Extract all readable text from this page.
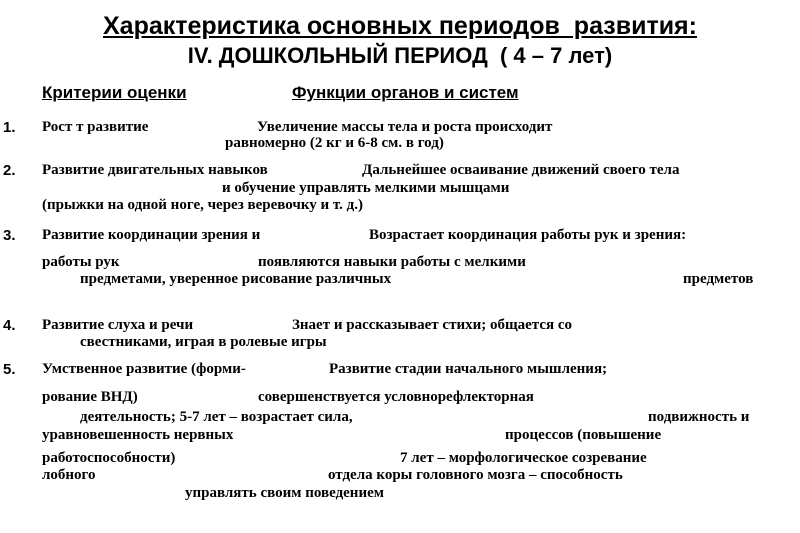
Характеристика основных периодов  развития:
IV. ДОШКОЛЬНЫЙ ПЕРИОД  ( 4 – 7 лет)
Критерии оценки	Функции органов и систем
1. Рост т развитие	Увеличение массы тела и роста происходит
равномерно (2 кг и 6-8 см. в год)
2. Развитие двигательных навыков	Дальнейшее осваивание движений своего тела
и обучение управлять мелкими мышцами
(прыжки на одной ноге, через веревочку и т. д.)
3. Развитие координации зрения и	Возрастает координация работы рук и зрения:
работы рук	появляются навыки работы с мелкими
предметами, уверенное рисование различных	предметов
4. Развитие слуха и речи	Знает и рассказывает стихи; общается со
свестниками, играя в ролевые игры
5. Умственное развитие (форми-	Развитие стадии начального мышления;
рование ВНД)	совершенствуется условнорефлекторная
деятельность; 5-7 лет – возрастает сила,	подвижность и
уравновешенность нервных	процессов (повышение
работоспособности)	7 лет – морфологическое созревание
лобного	отдела коры головного мозга – способность
управлять своим поведением
